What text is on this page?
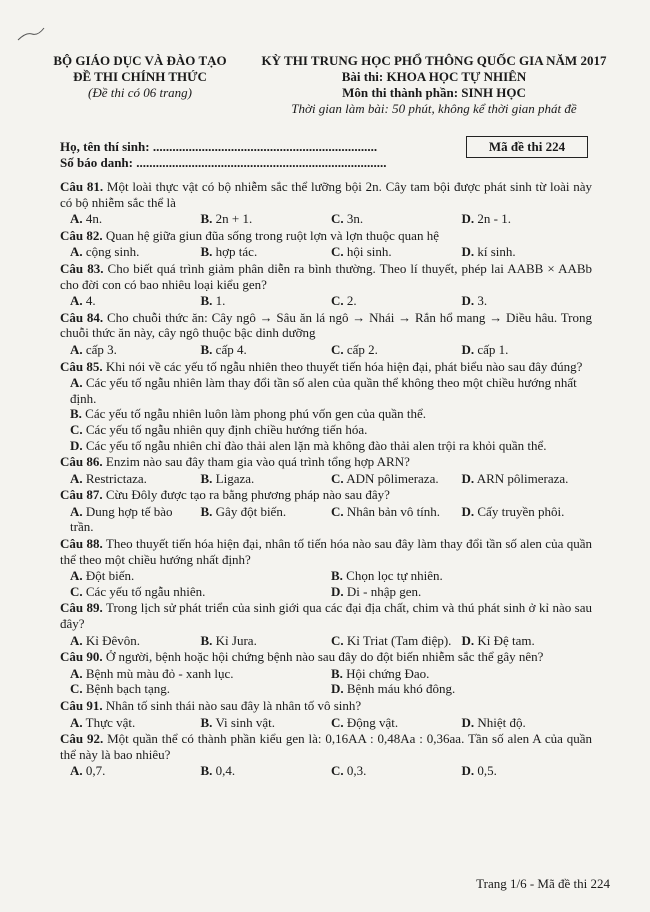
BỘ GIÁO DỤC VÀ ĐÀO TẠO
ĐỀ THI CHÍNH THỨC
(Đề thi có 06 trang)
KỲ THI TRUNG HỌC PHỔ THÔNG QUỐC GIA NĂM 2017
Bài thi: KHOA HỌC TỰ NHIÊN
Môn thi thành phần: SINH HỌC
Thời gian làm bài: 50 phút, không kể thời gian phát đề
Họ, tên thí sinh: .....................................................................
Số báo danh: .............................................................................
Mã đề thi 224
Câu 81. Một loài thực vật có bộ nhiễm sắc thể lưỡng bội 2n. Cây tam bội được phát sinh từ loài này có bộ nhiễm sắc thể là
A. 4n.	B. 2n + 1.	C. 3n.	D. 2n - 1.
Câu 82. Quan hệ giữa giun đũa sống trong ruột lợn và lợn thuộc quan hệ
A. cộng sinh.	B. hợp tác.	C. hội sinh.	D. kí sinh.
Câu 83. Cho biết quá trình giảm phân diễn ra bình thường. Theo lí thuyết, phép lai AABB × AABb cho đời con có bao nhiêu loại kiểu gen?
A. 4.	B. 1.	C. 2.	D. 3.
Câu 84. Cho chuỗi thức ăn: Cây ngô → Sâu ăn lá ngô → Nhái → Rắn hổ mang → Diều hâu. Trong chuỗi thức ăn này, cây ngô thuộc bậc dinh dưỡng
A. cấp 3.	B. cấp 4.	C. cấp 2.	D. cấp 1.
Câu 85. Khi nói về các yếu tố ngẫu nhiên theo thuyết tiến hóa hiện đại, phát biểu nào sau đây đúng?
A. Các yếu tố ngẫu nhiên làm thay đổi tần số alen của quần thể không theo một chiều hướng nhất định.
B. Các yếu tố ngẫu nhiên luôn làm phong phú vốn gen của quần thể.
C. Các yếu tố ngẫu nhiên quy định chiều hướng tiến hóa.
D. Các yếu tố ngẫu nhiên chỉ đào thải alen lặn mà không đào thải alen trội ra khỏi quần thể.
Câu 86. Enzim nào sau đây tham gia vào quá trình tổng hợp ARN?
A. Restrictaza.	B. Ligaza.	C. ADN pôlimeraza.	D. ARN pôlimeraza.
Câu 87. Cừu Đôly được tạo ra bằng phương pháp nào sau đây?
A. Dung hợp tế bào trần.
B. Gây đột biến.	C. Nhân bản vô tính.	D. Cấy truyền phôi.
Câu 88. Theo thuyết tiến hóa hiện đại, nhân tố tiến hóa nào sau đây làm thay đổi tần số alen của quần thể theo một chiều hướng nhất định?
A. Đột biến.	B. Chọn lọc tự nhiên.
C. Các yếu tố ngẫu nhiên.	D. Di - nhập gen.
Câu 89. Trong lịch sử phát triển của sinh giới qua các đại địa chất, chim và thú phát sinh ở kỉ nào sau đây?
A. Kỉ Đêvôn.	B. Kỉ Jura.	C. Kỉ Triat (Tam điệp). D. Kỉ Đệ tam.
Câu 90. Ở người, bệnh hoặc hội chứng bệnh nào sau đây do đột biến nhiễm sắc thể gây nên?
A. Bệnh mù màu đỏ - xanh lục.	B. Hội chứng Đao.
C. Bệnh bạch tạng.	D. Bệnh máu khó đông.
Câu 91. Nhân tố sinh thái nào sau đây là nhân tố vô sinh?
A. Thực vật.	B. Vi sinh vật.	C. Động vật.	D. Nhiệt độ.
Câu 92. Một quần thể có thành phần kiểu gen là: 0,16AA : 0,48Aa : 0,36aa. Tần số alen A của quần thể này là bao nhiêu?
A. 0,7.	B. 0,4.	C. 0,3.	D. 0,5.
Trang 1/6 - Mã đề thi 224
